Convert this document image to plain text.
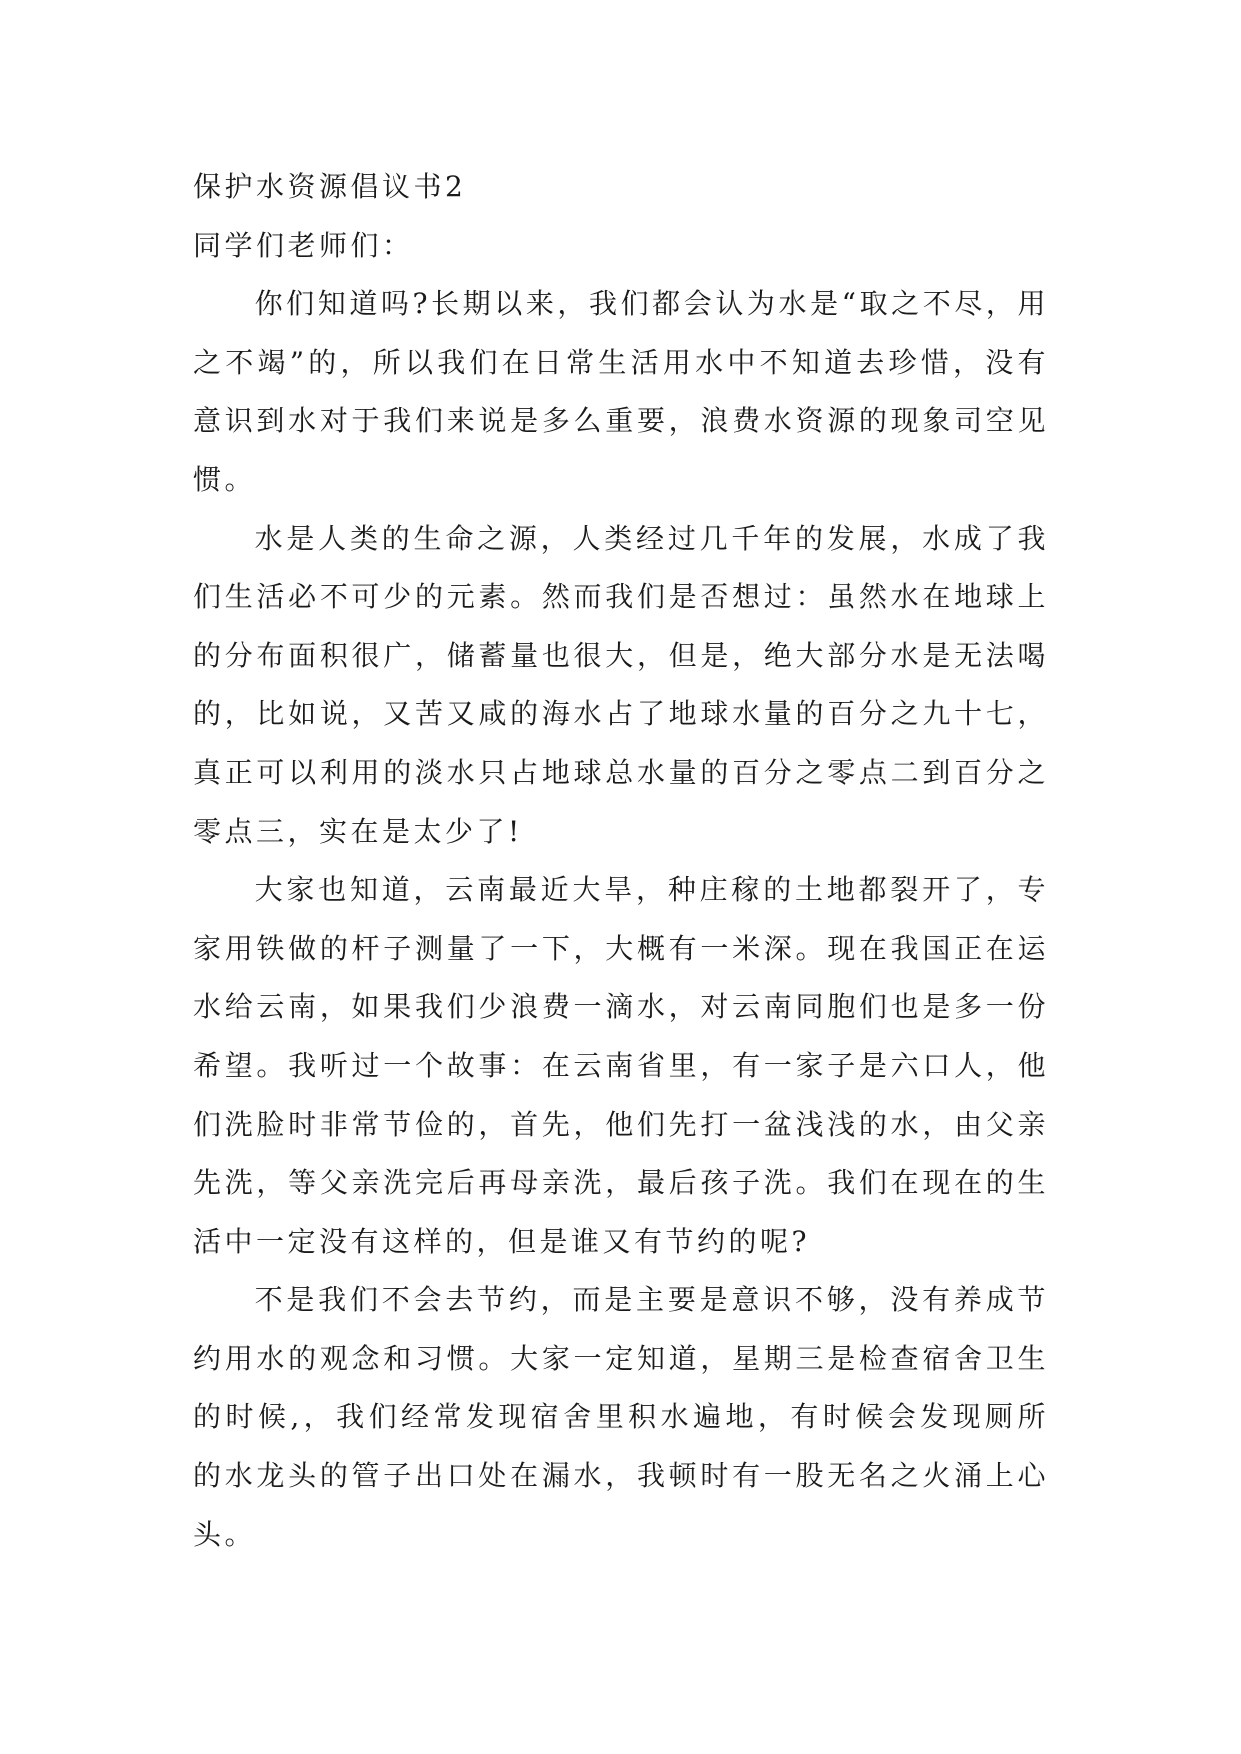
保护水资源倡议书2

同学们老师们：

你们知道吗?长期以来，我们都会认为水是“取之不尽，用之不竭”的，所以我们在日常生活用水中不知道去珍惜，没有意识到水对于我们来说是多么重要，浪费水资源的现象司空见惯。

水是人类的生命之源，人类经过几千年的发展，水成了我们生活必不可少的元素。然而我们是否想过：虽然水在地球上的分布面积很广，储蓄量也很大，但是，绝大部分水是无法喝的，比如说，又苦又咸的海水占了地球水量的百分之九十七，真正可以利用的淡水只占地球总水量的百分之零点二到百分之零点三，实在是太少了!

大家也知道，云南最近大旱，种庄稼的土地都裂开了，专家用铁做的杆子测量了一下，大概有一米深。现在我国正在运水给云南，如果我们少浪费一滴水，对云南同胞们也是多一份希望。我听过一个故事：在云南省里，有一家子是六口人，他们洗脸时非常节俭的，首先，他们先打一盆浅浅的水，由父亲先洗，等父亲洗完后再母亲洗，最后孩子洗。我们在现在的生活中一定没有这样的，但是谁又有节约的呢?

不是我们不会去节约，而是主要是意识不够，没有养成节约用水的观念和习惯。大家一定知道，星期三是检查宿舍卫生的时候,，我们经常发现宿舍里积水遍地，有时候会发现厕所的水龙头的管子出口处在漏水，我顿时有一股无名之火涌上心头。
